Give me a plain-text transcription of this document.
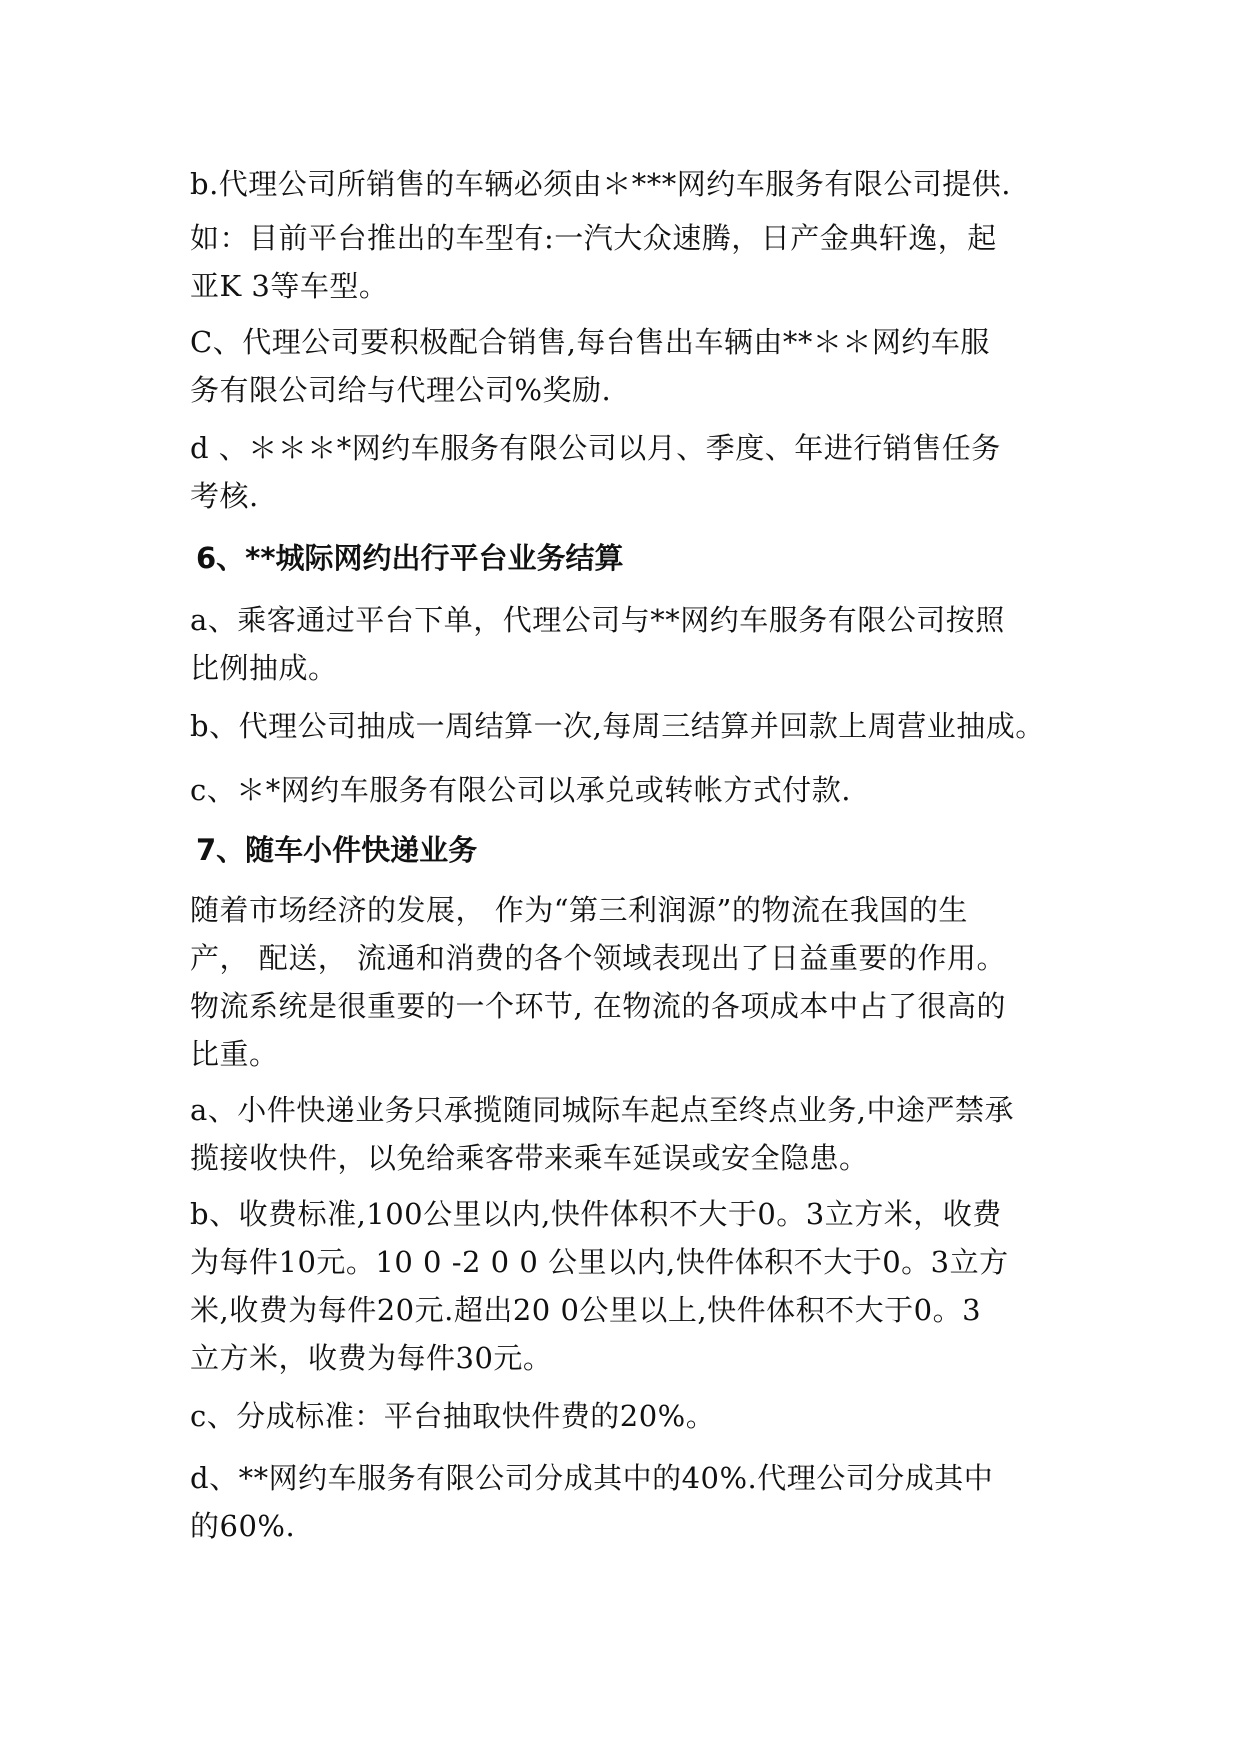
b.代理公司所销售的车辆必须由＊***网约车服务有限公司提供.

如：目前平台推出的车型有:一汽大众速腾，日产金典轩逸，起
亚K 3等车型。

C、代理公司要积极配合销售,每台售出车辆由**＊＊网约车服
务有限公司给与代理公司%奖励.

d 、＊＊＊*网约车服务有限公司以月、季度、年进行销售任务
考核.

6、**城际网约出行平台业务结算

a、乘客通过平台下单，代理公司与**网约车服务有限公司按照
比例抽成。

b、代理公司抽成一周结算一次,每周三结算并回款上周营业抽成。

c、＊*网约车服务有限公司以承兑或转帐方式付款.

7、随车小件快递业务

随着市场经济的发展， 作为“第三利润源”的物流在我国的生
产， 配送， 流通和消费的各个领域表现出了日益重要的作用。
物流系统是很重要的一个环节, 在物流的各项成本中占了很高的
比重。

a、小件快递业务只承揽随同城际车起点至终点业务,中途严禁承
揽接收快件，以免给乘客带来乘车延误或安全隐患。

b、收费标准,100公里以内,快件体积不大于0。3立方米，收费
为每件10元。10 0 -2 0 0 公里以内,快件体积不大于0。3立方
米,收费为每件20元.超出20 0公里以上,快件体积不大于0。3
立方米，收费为每件30元。

c、分成标准：平台抽取快件费的20%。

d、**网约车服务有限公司分成其中的40%.代理公司分成其中
的60%.
